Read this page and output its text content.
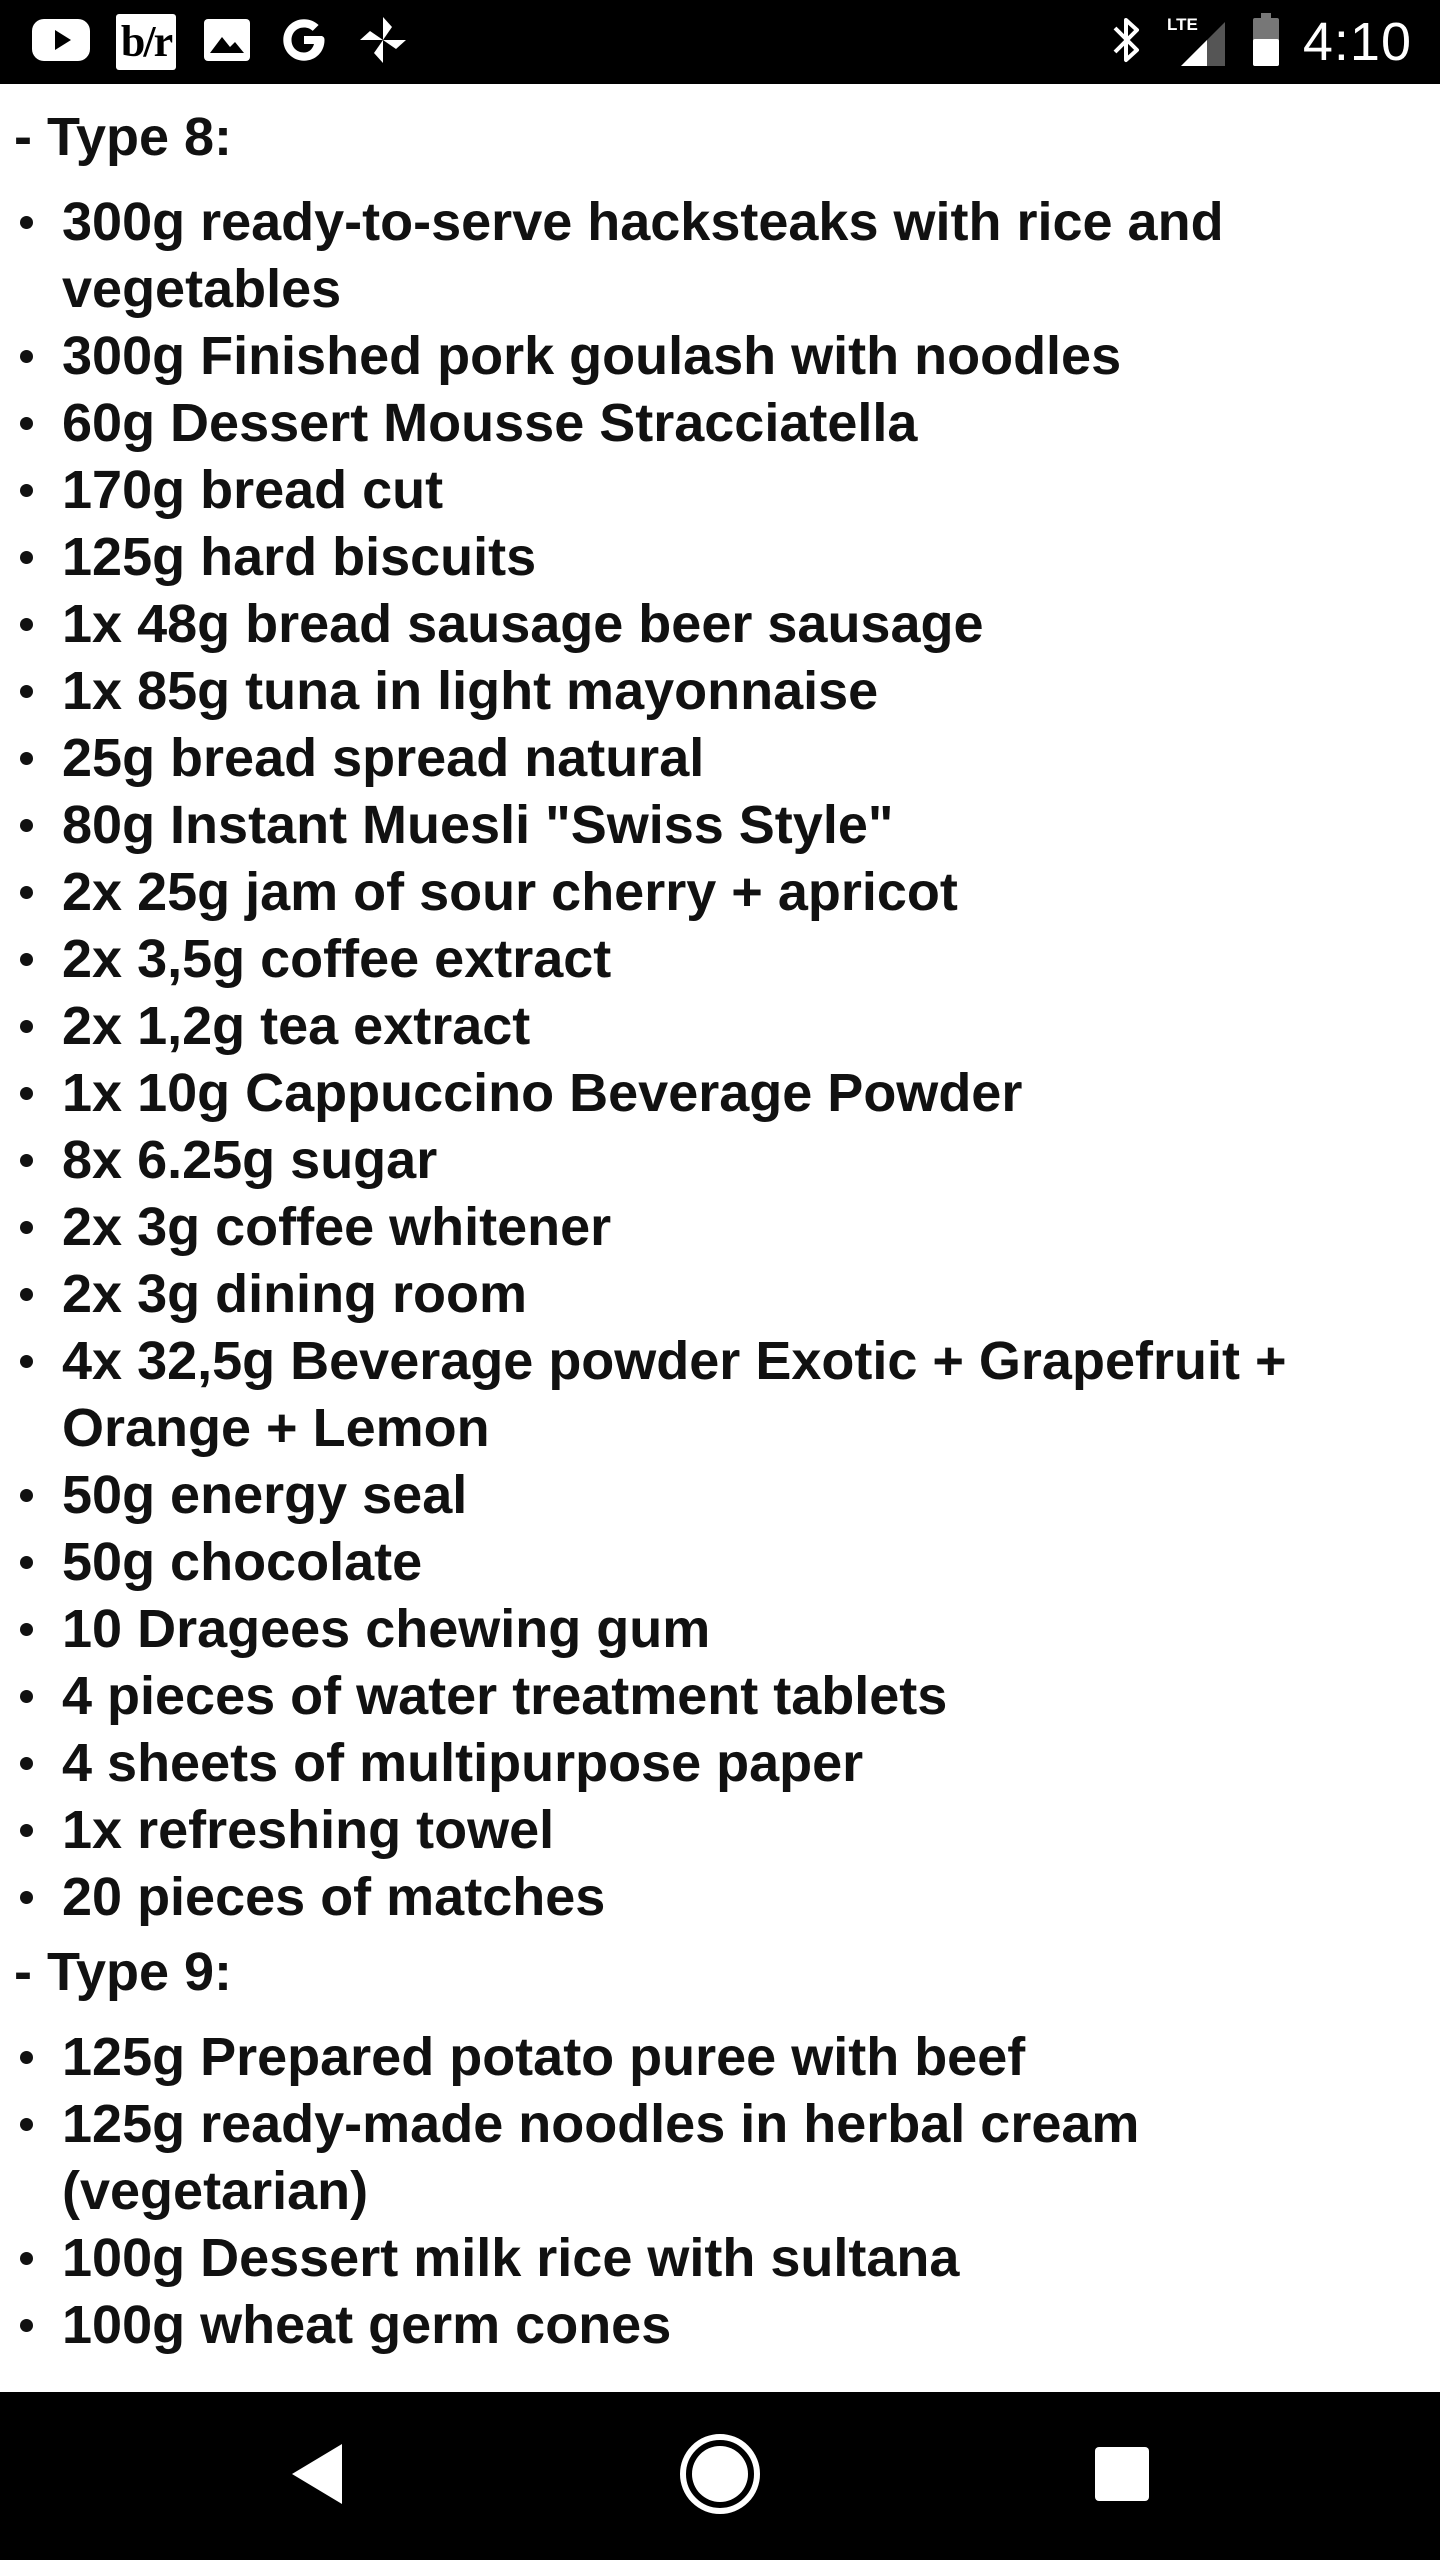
b/r	LTE 4:10

- Type 8:

300g ready-to-serve hacksteaks with rice and vegetables
300g Finished pork goulash with noodles
60g Dessert Mousse Stracciatella
170g bread cut
125g hard biscuits
1x 48g bread sausage beer sausage
1x 85g tuna in light mayonnaise
25g bread spread natural
80g Instant Muesli "Swiss Style"
2x 25g jam of sour cherry + apricot
2x 3,5g coffee extract
2x 1,2g tea extract
1x 10g Cappuccino Beverage Powder
8x 6.25g sugar
2x 3g coffee whitener
2x 3g dining room
4x 32,5g Beverage powder Exotic + Grapefruit + Orange + Lemon
50g energy seal
50g chocolate
10 Dragees chewing gum
4 pieces of water treatment tablets
4 sheets of multipurpose paper
1x refreshing towel
20 pieces of matches

- Type 9:

125g Prepared potato puree with beef
125g ready-made noodles in herbal cream (vegetarian)
100g Dessert milk rice with sultana
100g wheat germ cones
